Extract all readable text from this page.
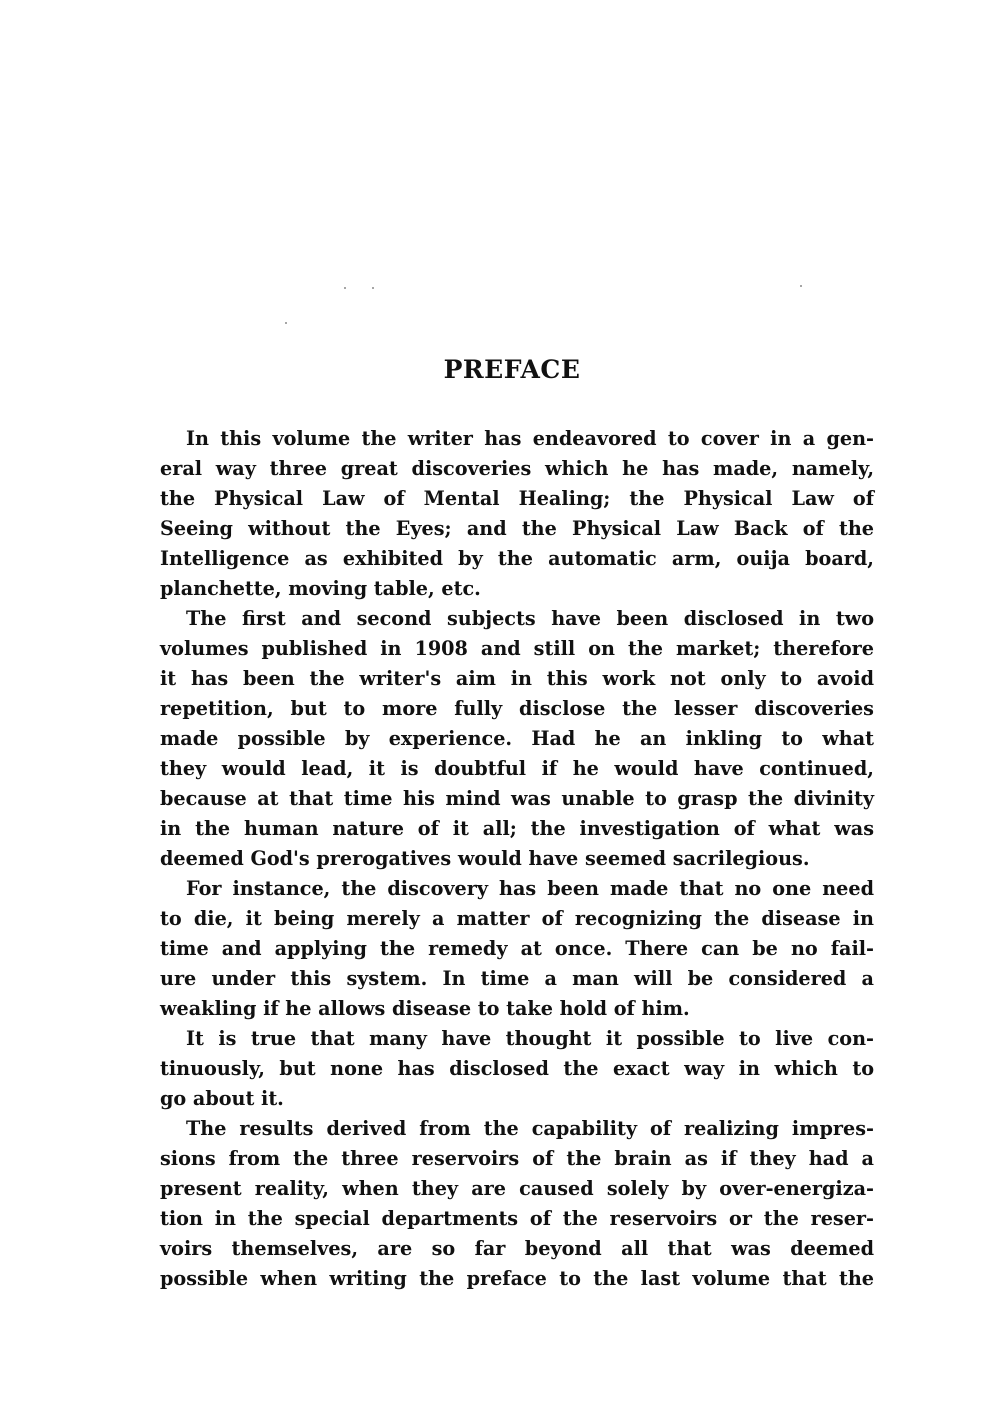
PREFACE

In this volume the writer has endeavored to cover in a gen-
eral way three great discoveries which he has made, namely,
the Physical Law of Mental Healing; the Physical Law of
Seeing without the Eyes; and the Physical Law Back of the
Intelligence as exhibited by the automatic arm, ouija board,
planchette, moving table, etc.

The first and second subjects have been disclosed in two
volumes published in 1908 and still on the market; therefore
it has been the writer's aim in this work not only to avoid
repetition, but to more fully disclose the lesser discoveries
made possible by experience. Had he an inkling to what
they would lead, it is doubtful if he would have continued,
because at that time his mind was unable to grasp the divinity
in the human nature of it all; the investigation of what was
deemed God's prerogatives would have seemed sacrilegious.

For instance, the discovery has been made that no one need
to die, it being merely a matter of recognizing the disease in
time and applying the remedy at once. There can be no fail-
ure under this system. In time a man will be considered a
weakling if he allows disease to take hold of him.

It is true that many have thought it possible to live con-
tinuously, but none has disclosed the exact way in which to
go about it.

The results derived from the capability of realizing impres-
sions from the three reservoirs of the brain as if they had a
present reality, when they are caused solely by over-energiza-
tion in the special departments of the reservoirs or the reser-
voirs themselves, are so far beyond all that was deemed
possible when writing the preface to the last volume that the
